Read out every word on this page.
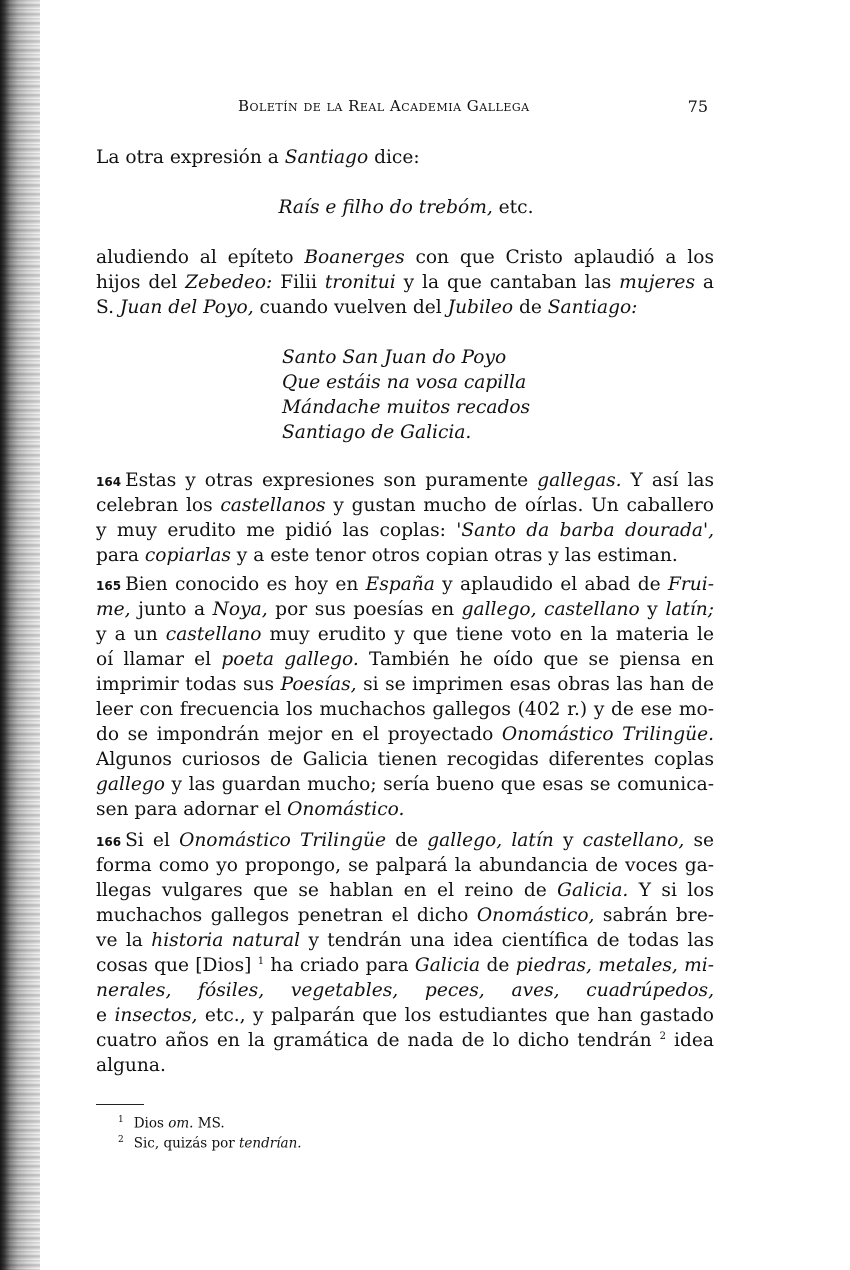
Boletín de la Real Academia Gallega	75
La otra expresión a Santiago dice:
Raís e filho do trebóm, etc.
aludiendo al epíteto Boanerges con que Cristo aplaudió a los
hijos del Zebedeo: Filii tronitui y la que cantaban las mujeres a
S. Juan del Poyo, cuando vuelven del Jubileo de Santiago:
Santo San Juan do Poyo
Que estáis na vosa capilla
Mándache muitos recados
Santiago de Galicia.
164 Estas y otras expresiones son puramente gallegas. Y así las
celebran los castellanos y gustan mucho de oírlas. Un caballero
y muy erudito me pidió las coplas: 'Santo da barba dourada',
para copiarlas y a este tenor otros copian otras y las estiman.
165 Bien conocido es hoy en España y aplaudido el abad de Frui-
me, junto a Noya, por sus poesías en gallego, castellano y latín;
y a un castellano muy erudito y que tiene voto en la materia le
oí llamar el poeta gallego. También he oído que se piensa en
imprimir todas sus Poesías, si se imprimen esas obras las han de
leer con frecuencia los muchachos gallegos (402 r.) y de ese mo-
do se impondrán mejor en el proyectado Onomástico Trilingüe.
Algunos curiosos de Galicia tienen recogidas diferentes coplas
gallego y las guardan mucho; sería bueno que esas se comunica-
sen para adornar el Onomástico.
166 Si el Onomástico Trilingüe de gallego, latín y castellano, se
forma como yo propongo, se palpará la abundancia de voces ga-
llegas vulgares que se hablan en el reino de Galicia. Y si los
muchachos gallegos penetran el dicho Onomástico, sabrán bre-
ve la historia natural y tendrán una idea científica de todas las
cosas que [Dios] $^1$ ha criado para Galicia de piedras, metales, mi-
nerales, fósiles, vegetables, peces, aves, cuadrúpedos,
e insectos, etc., y palparán que los estudiantes que han gastado
cuatro años en la gramática de nada de lo dicho tendrán $^2$ idea
alguna.
$^1$ Dios om. MS.
$^2$ Sic, quizás por tendrían.
